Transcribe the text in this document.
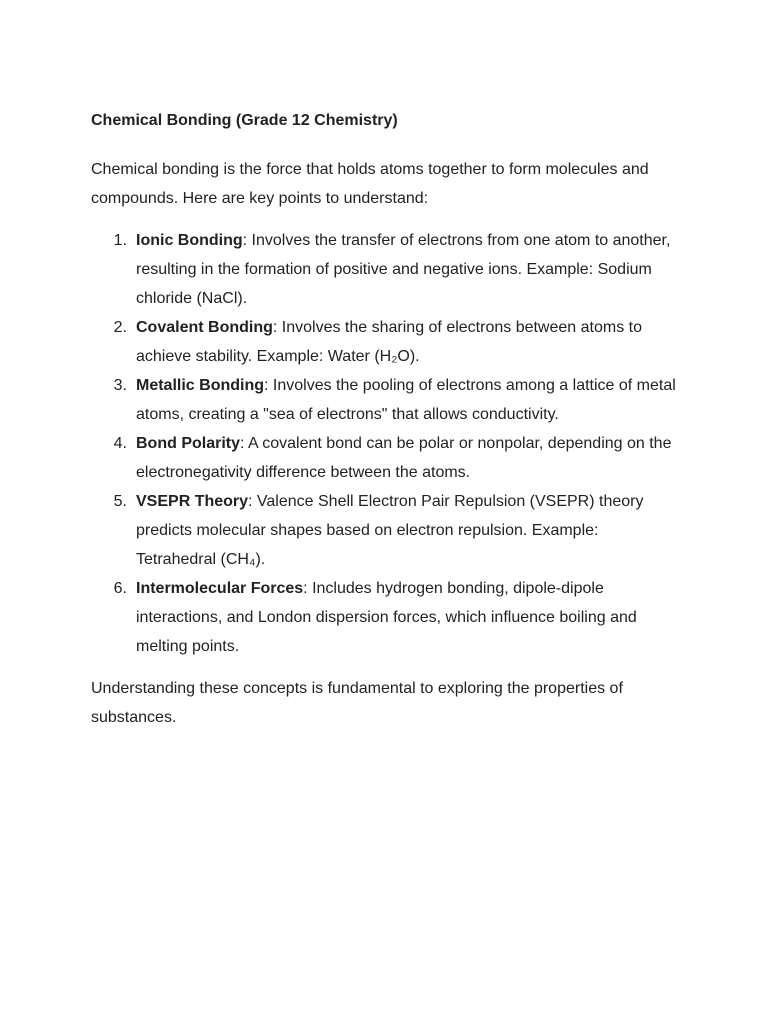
Chemical Bonding (Grade 12 Chemistry)

Chemical bonding is the force that holds atoms together to form molecules and compounds. Here are key points to understand:

1. Ionic Bonding: Involves the transfer of electrons from one atom to another, resulting in the formation of positive and negative ions. Example: Sodium chloride (NaCl).
2. Covalent Bonding: Involves the sharing of electrons between atoms to achieve stability. Example: Water (H₂O).
3. Metallic Bonding: Involves the pooling of electrons among a lattice of metal atoms, creating a "sea of electrons" that allows conductivity.
4. Bond Polarity: A covalent bond can be polar or nonpolar, depending on the electronegativity difference between the atoms.
5. VSEPR Theory: Valence Shell Electron Pair Repulsion (VSEPR) theory predicts molecular shapes based on electron repulsion. Example: Tetrahedral (CH₄).
6. Intermolecular Forces: Includes hydrogen bonding, dipole-dipole interactions, and London dispersion forces, which influence boiling and melting points.

Understanding these concepts is fundamental to exploring the properties of substances.
